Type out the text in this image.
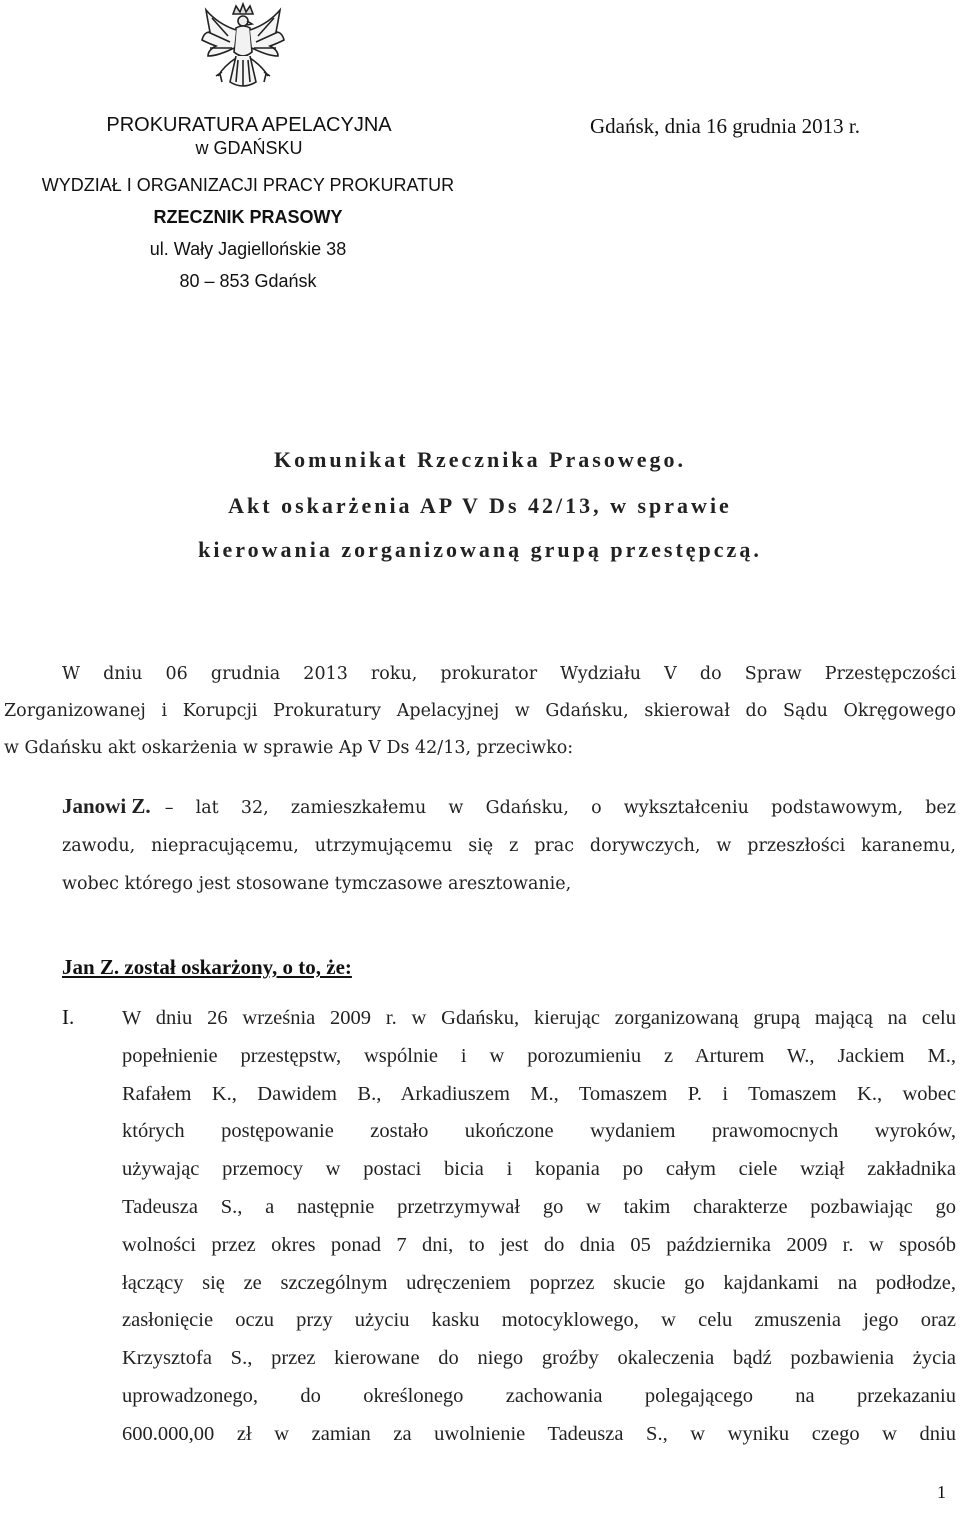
PROKURATURA APELACYJNA
w GDAŃSKU
WYDZIAŁ I ORGANIZACJI PRACY PROKURATUR
RZECZNIK PRASOWY
ul. Wały Jagiellońskie 38
80 – 853 Gdańsk
Gdańsk, dnia 16 grudnia 2013 r.
Komunikat Rzecznika Prasowego.
Akt oskarżenia AP V Ds 42/13, w sprawie
kierowania zorganizowaną grupą przestępczą.
W dniu 06 grudnia 2013 roku, prokurator Wydziału V do Spraw Przestępczości
Zorganizowanej i Korupcji Prokuratury Apelacyjnej w Gdańsku, skierował do Sądu Okręgowego
w Gdańsku akt oskarżenia w sprawie Ap V Ds 42/13, przeciwko:
Janowi Z. – lat 32, zamieszkałemu w Gdańsku, o wykształceniu podstawowym, bez
zawodu, niepracującemu, utrzymującemu się z prac dorywczych, w przeszłości karanemu,
wobec którego jest stosowane tymczasowe aresztowanie,
Jan Z. został oskarżony, o to, że:
I. W dniu 26 września 2009 r. w Gdańsku, kierując zorganizowaną grupą mającą na celu
popełnienie przestępstw, wspólnie i w porozumieniu z Arturem W., Jackiem M.,
Rafałem K., Dawidem B., Arkadiuszem M., Tomaszem P. i Tomaszem K., wobec
których postępowanie zostało ukończone wydaniem prawomocnych wyroków,
używając przemocy w postaci bicia i kopania po całym ciele wziął zakładnika
Tadeusza S., a następnie przetrzymywał go w takim charakterze pozbawiając go
wolności przez okres ponad 7 dni, to jest do dnia 05 października 2009 r. w sposób
łączący się ze szczególnym udręczeniem poprzez skucie go kajdankami na podłodze,
zasłonięcie oczu przy użyciu kasku motocyklowego, w celu zmuszenia jego oraz
Krzysztofa S., przez kierowane do niego groźby okaleczenia bądź pozbawienia życia
uprowadzonego, do określonego zachowania polegającego na przekazaniu
600.000,00 zł w zamian za uwolnienie Tadeusza S., w wyniku czego w dniu
1
